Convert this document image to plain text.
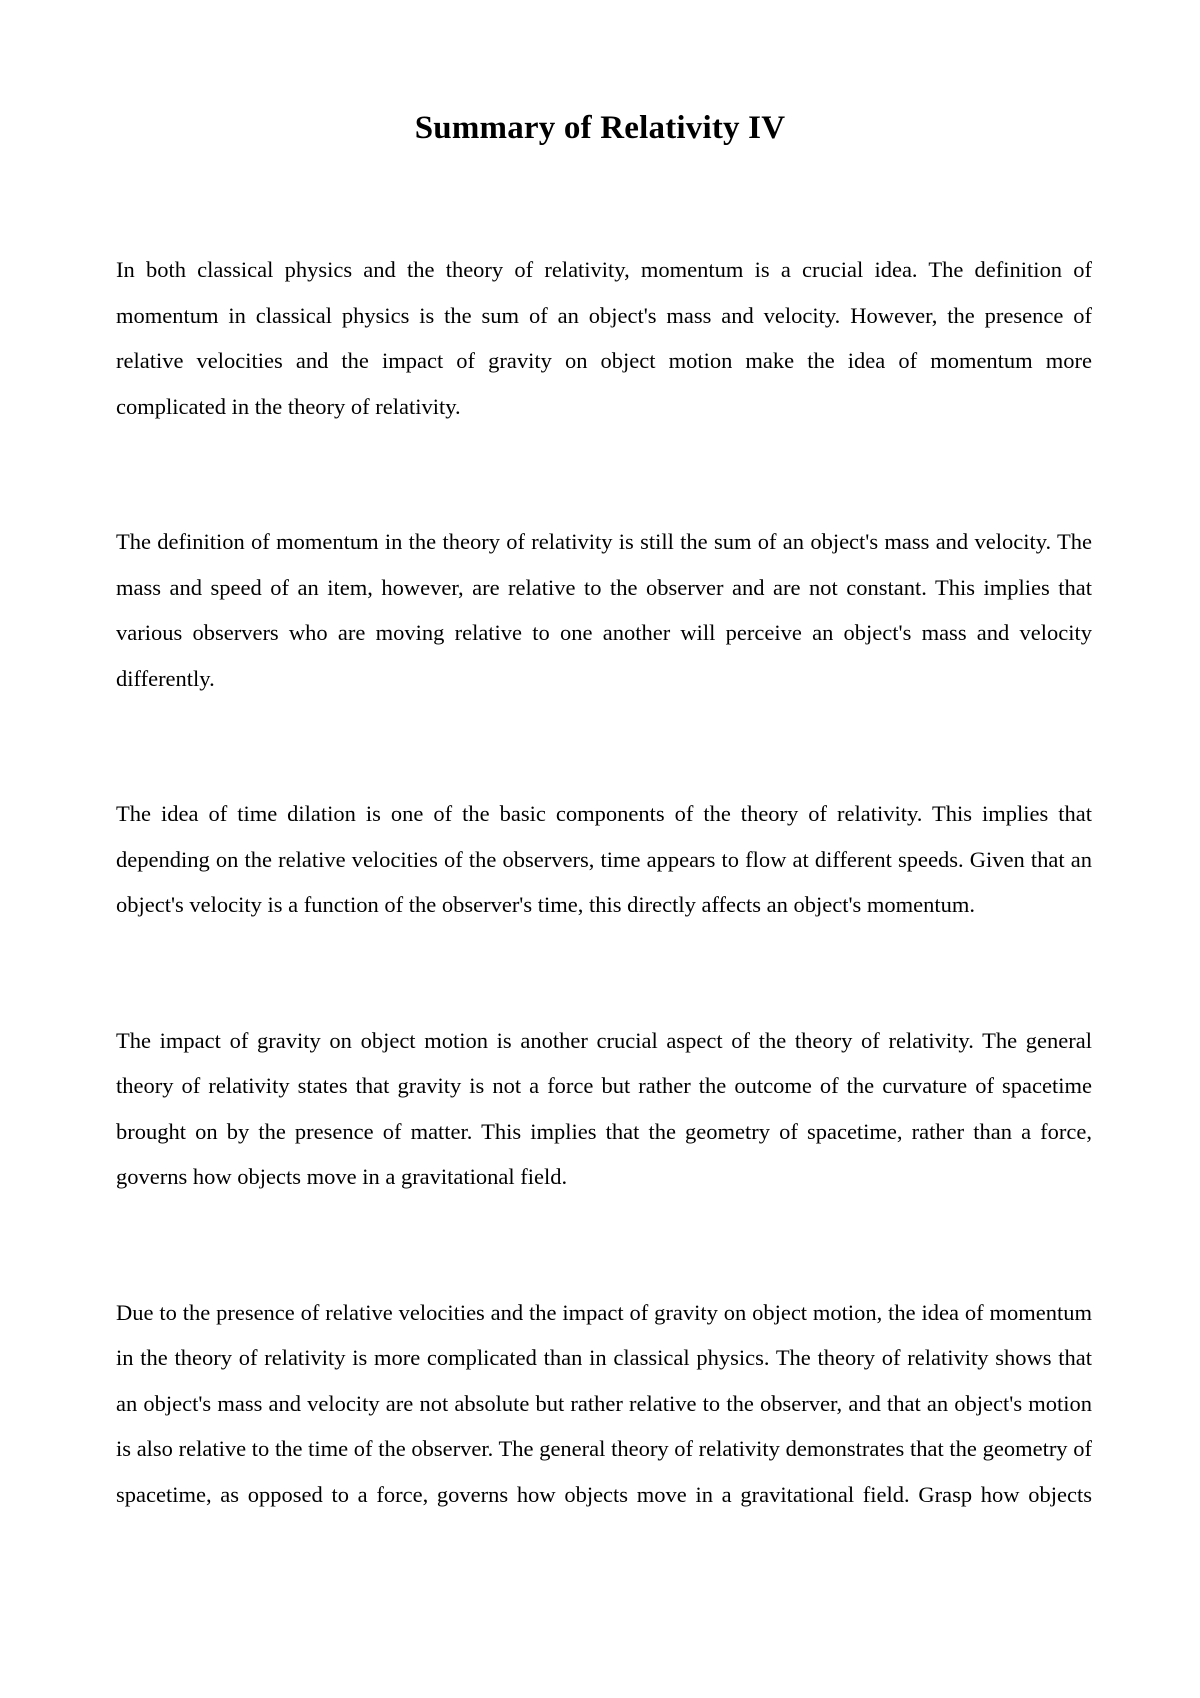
Summary of Relativity IV

In both classical physics and the theory of relativity, momentum is a crucial idea. The definition of momentum in classical physics is the sum of an object's mass and velocity. However, the presence of relative velocities and the impact of gravity on object motion make the idea of momentum more complicated in the theory of relativity.

The definition of momentum in the theory of relativity is still the sum of an object's mass and velocity. The mass and speed of an item, however, are relative to the observer and are not constant. This implies that various observers who are moving relative to one another will perceive an object's mass and velocity differently.

The idea of time dilation is one of the basic components of the theory of relativity. This implies that depending on the relative velocities of the observers, time appears to flow at different speeds. Given that an object's velocity is a function of the observer's time, this directly affects an object's momentum.

The impact of gravity on object motion is another crucial aspect of the theory of relativity. The general theory of relativity states that gravity is not a force but rather the outcome of the curvature of spacetime brought on by the presence of matter. This implies that the geometry of spacetime, rather than a force, governs how objects move in a gravitational field.

Due to the presence of relative velocities and the impact of gravity on object motion, the idea of momentum in the theory of relativity is more complicated than in classical physics. The theory of relativity shows that an object's mass and velocity are not absolute but rather relative to the observer, and that an object's motion is also relative to the time of the observer. The general theory of relativity demonstrates that the geometry of spacetime, as opposed to a force, governs how objects move in a gravitational field. Grasp how objects
